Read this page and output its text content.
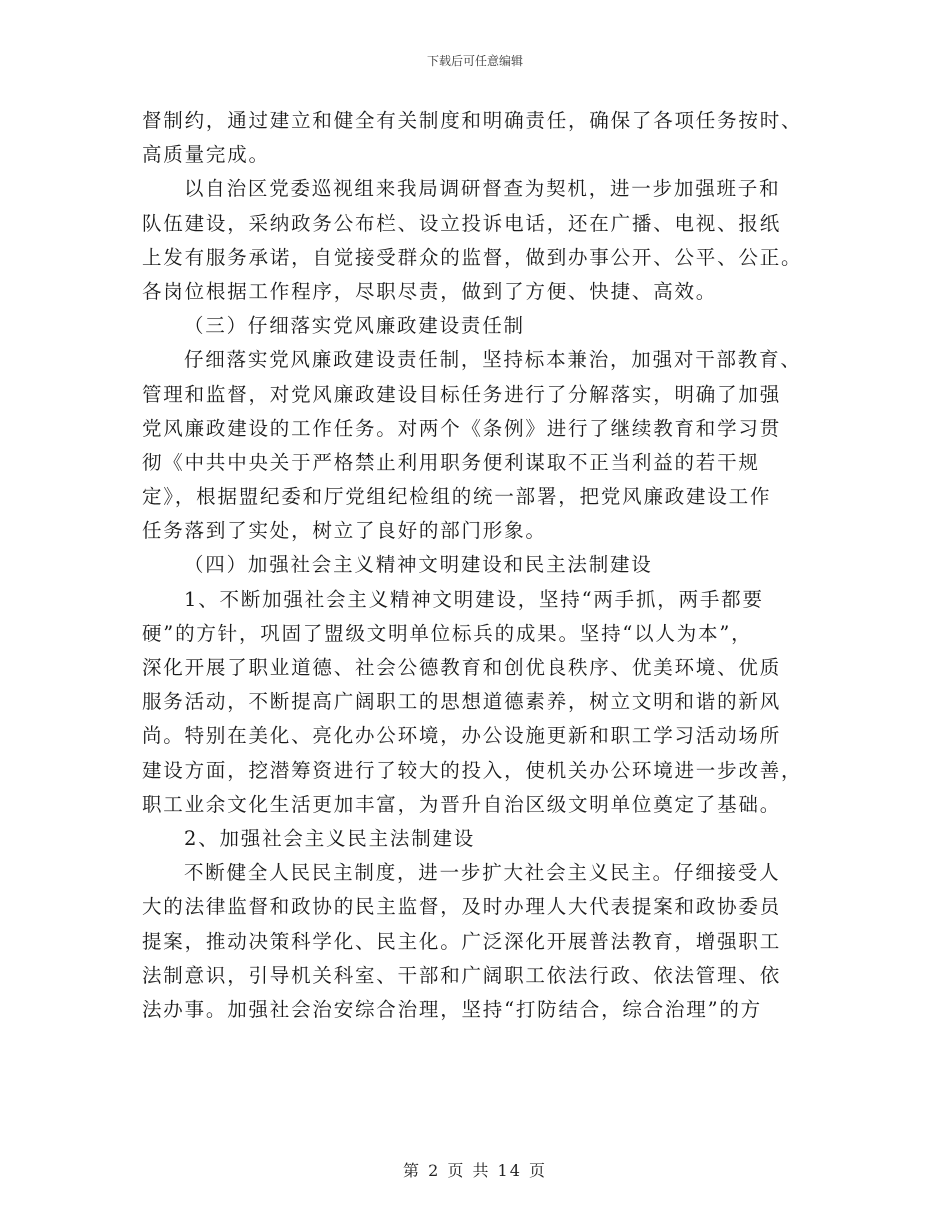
下载后可任意编辑
督制约，通过建立和健全有关制度和明确责任，确保了各项任务按时、
高质量完成。
以自治区党委巡视组来我局调研督查为契机，进一步加强班子和
队伍建设，采纳政务公布栏、设立投诉电话，还在广播、电视、报纸
上发有服务承诺，自觉接受群众的监督，做到办事公开、公平、公正。
各岗位根据工作程序，尽职尽责，做到了方便、快捷、高效。
（三）仔细落实党风廉政建设责任制
仔细落实党风廉政建设责任制，坚持标本兼治，加强对干部教育、
管理和监督，对党风廉政建设目标任务进行了分解落实，明确了加强
党风廉政建设的工作任务。对两个《条例》进行了继续教育和学习贯
彻《中共中央关于严格禁止利用职务便利谋取不正当利益的若干规
定》，根据盟纪委和厅党组纪检组的统一部署，把党风廉政建设工作
任务落到了实处，树立了良好的部门形象。
（四）加强社会主义精神文明建设和民主法制建设
1、不断加强社会主义精神文明建设，坚持“两手抓，两手都要
硬”的方针，巩固了盟级文明单位标兵的成果。坚持“以人为本”，
深化开展了职业道德、社会公德教育和创优良秩序、优美环境、优质
服务活动，不断提高广阔职工的思想道德素养，树立文明和谐的新风
尚。特别在美化、亮化办公环境，办公设施更新和职工学习活动场所
建设方面，挖潜筹资进行了较大的投入，使机关办公环境进一步改善，
职工业余文化生活更加丰富，为晋升自治区级文明单位奠定了基础。
2、加强社会主义民主法制建设
不断健全人民民主制度，进一步扩大社会主义民主。仔细接受人
大的法律监督和政协的民主监督，及时办理人大代表提案和政协委员
提案，推动决策科学化、民主化。广泛深化开展普法教育，增强职工
法制意识，引导机关科室、干部和广阔职工依法行政、依法管理、依
法办事。加强社会治安综合治理，坚持“打防结合，综合治理”的方
第 2 页 共 14 页
